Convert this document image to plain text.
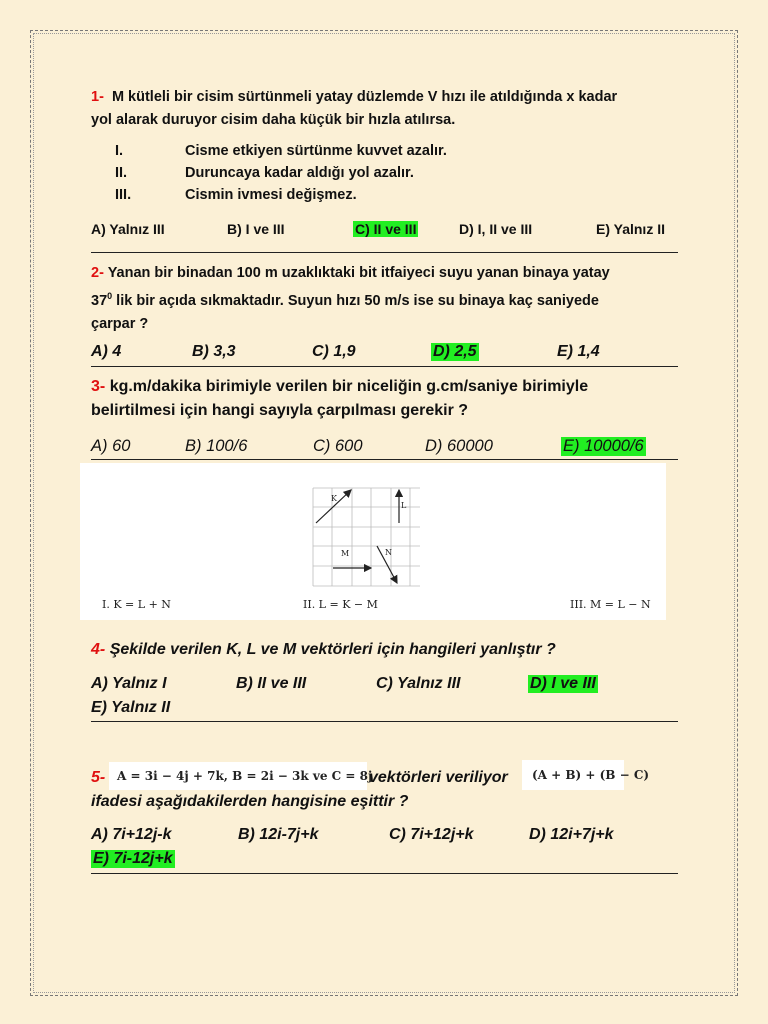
1- M kütleli bir cisim sürtünmeli yatay düzlemde V hızı ile atıldığında x kadar
yol alarak duruyor cisim daha küçük bir hızla atılırsa.
I.	Cisme etkiyen sürtünme kuvvet azalır.
II.	Duruncaya kadar aldığı yol azalır.
III.	Cismin ivmesi değişmez.
A) Yalnız III	B) I ve III	C) II ve III	D) I, II ve III	E) Yalnız II
2- Yanan bir binadan 100 m uzaklıktaki bit itfaiyeci suyu yanan binaya yatay
$37^0$ lik bir açıda sıkmaktadır. Suyun hızı 50 m/s ise su binaya kaç saniyede
çarpar ?
A) 4	B) 3,3	C) 1,9	D) 2,5	E) 1,4
3- kg.m/dakika birimiyle verilen bir niceliğin g.cm/saniye birimiyle
belirtilmesi için hangi sayıyla çarpılması gerekir ?
A) 60	B) 100/6	C) 600	D) 60000	E) 10000/6
K
L
M	N
I. K = L + N	II. L = K − M	III. M = L − N
4- Şekilde verilen K, L ve M vektörleri için hangileri yanlıştır ?
A) Yalnız I	B) II ve III	C) Yalnız III	D) I ve III
E) Yalnız II
5- A = 3i − 4j + 7k, B = 2i − 3k ve C = 8j
vektörleri veriliyor	(A + B) + (B − C)
ifadesi aşağıdakilerden hangisine eşittir ?
A) 7i+12j-k	B) 12i-7j+k	C) 7i+12j+k	D) 12i+7j+k
E) 7i-12j+k
